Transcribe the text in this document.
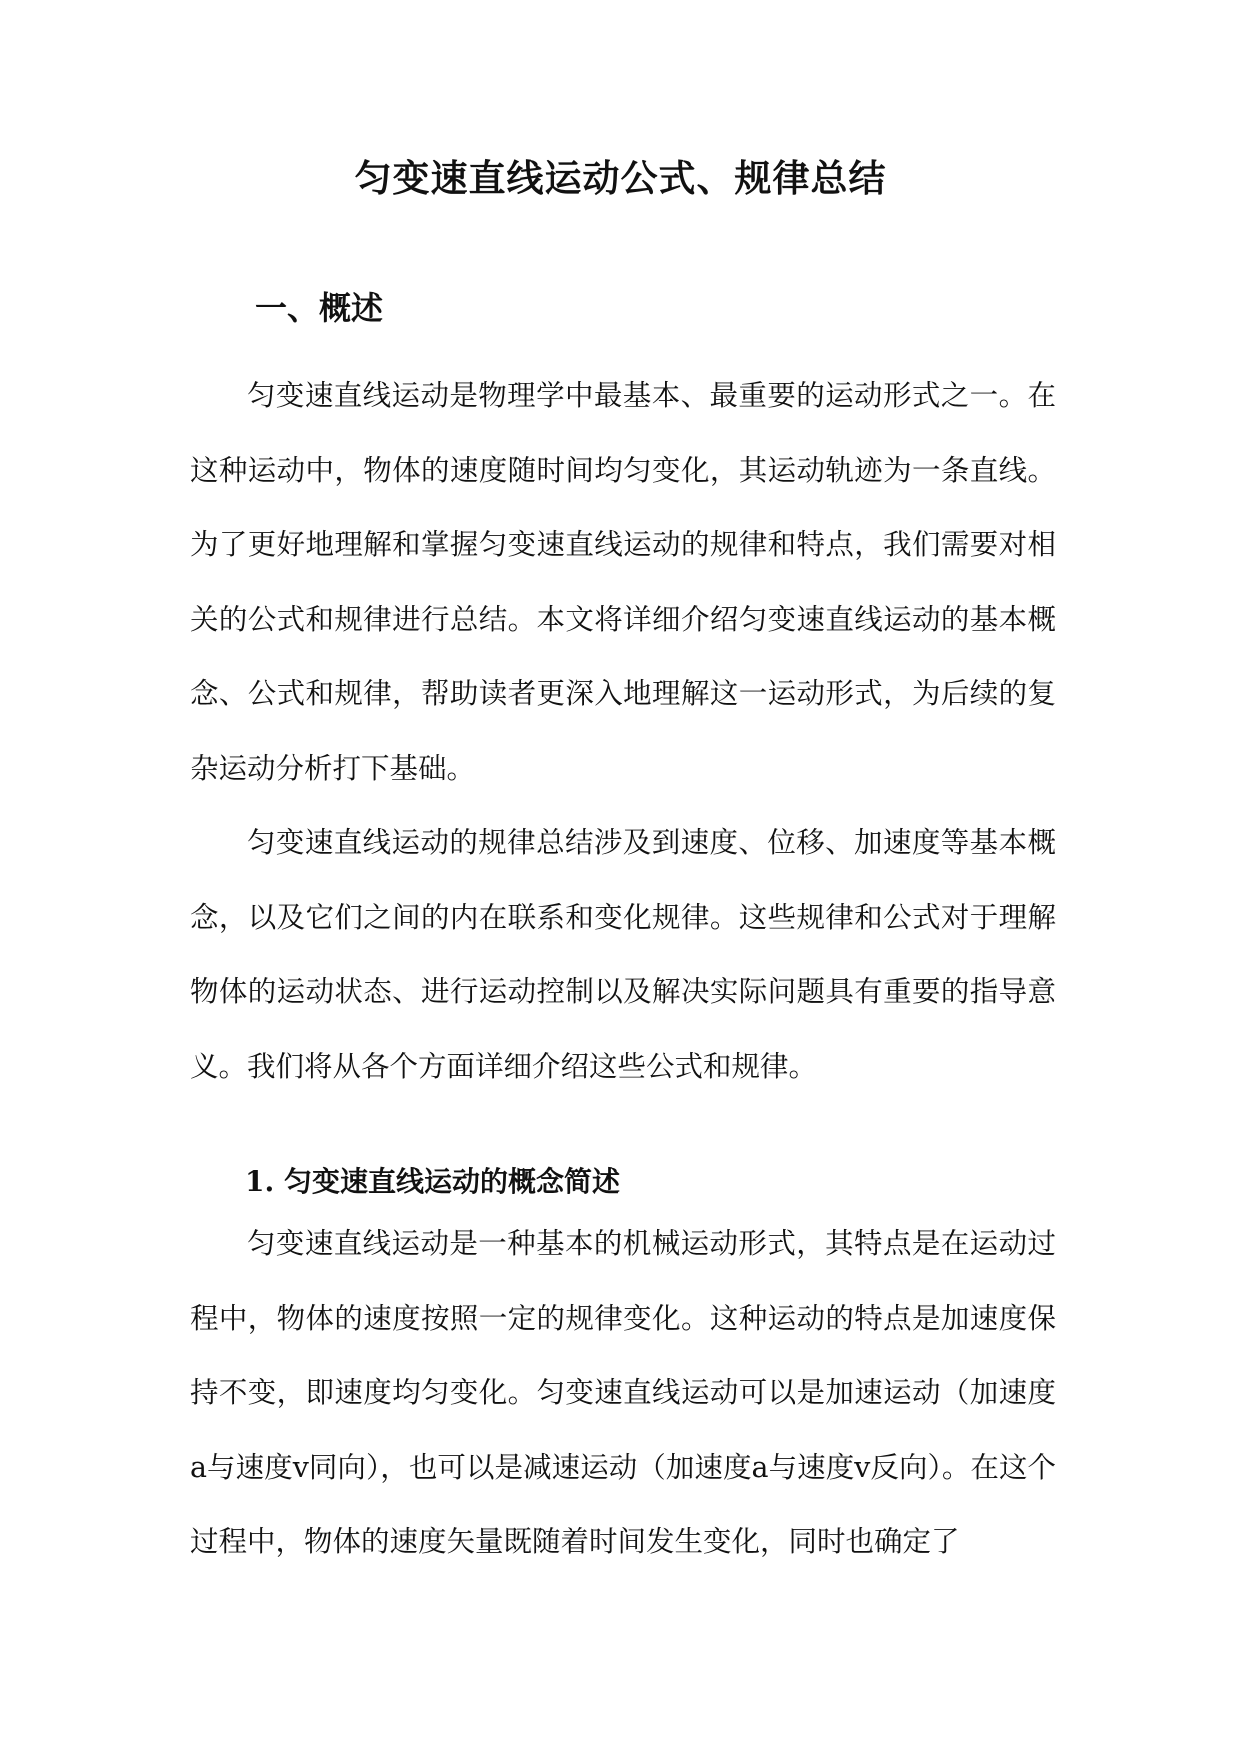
匀变速直线运动公式、规律总结
一、概述

匀变速直线运动是物理学中最基本、最重要的运动形式之一。在这种运动中，物体的速度随时间均匀变化，其运动轨迹为一条直线。为了更好地理解和掌握匀变速直线运动的规律和特点，我们需要对相关的公式和规律进行总结。本文将详细介绍匀变速直线运动的基本概念、公式和规律，帮助读者更深入地理解这一运动形式，为后续的复杂运动分析打下基础。

匀变速直线运动的规律总结涉及到速度、位移、加速度等基本概念，以及它们之间的内在联系和变化规律。这些规律和公式对于理解物体的运动状态、进行运动控制以及解决实际问题具有重要的指导意义。我们将从各个方面详细介绍这些公式和规律。

1. 匀变速直线运动的概念简述

匀变速直线运动是一种基本的机械运动形式，其特点是在运动过程中，物体的速度按照一定的规律变化。这种运动的特点是加速度保持不变，即速度均匀变化。匀变速直线运动可以是加速运动（加速度a与速度v同向），也可以是减速运动（加速度a与速度v反向）。在这个过程中，物体的速度矢量既随着时间发生变化，同时也确定了
